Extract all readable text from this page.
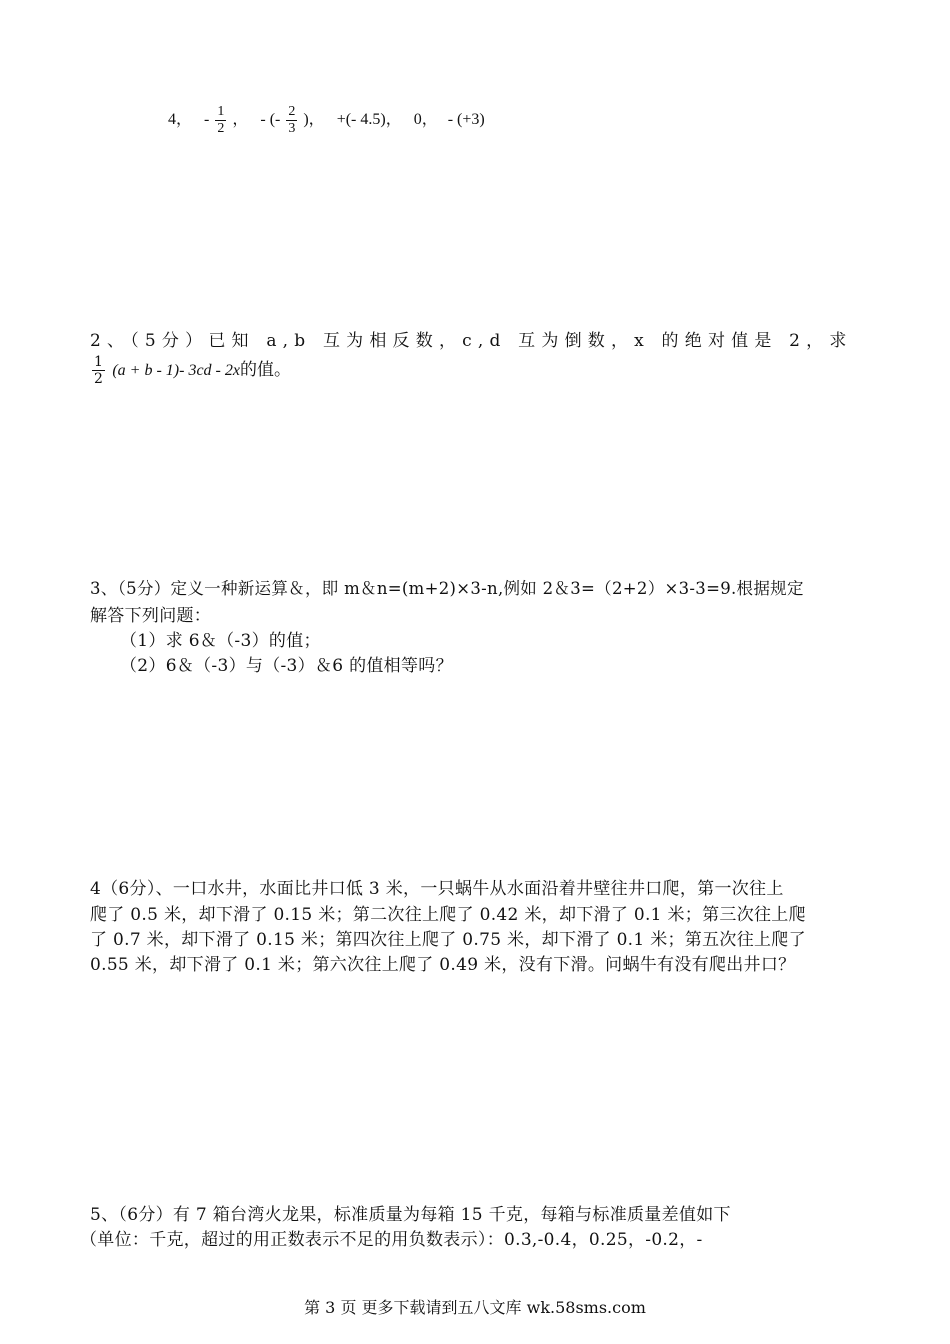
4， - $\frac{1}{2}$ ， - (- $\frac{2}{3}$ )， +(- 4.5)， 0， - (+3)
2、（5分）已知 a,b 互为相反数，c,d 互为倒数，x 的绝对值是 2，求
$\frac{1}{2} (a + b - 1)-$ 3cd - 2x的值。
3、（5分）定义一种新运算＆，即 m＆n=(m+2)×3-n,例如 2＆3=（2+2）×3-3=9.根据规定
解答下列问题：
（1）求 6＆（-3）的值；
（2）6＆（-3）与（-3）＆6 的值相等吗？
4（6分）、一口水井，水面比井口低 3 米，一只蜗牛从水面沿着井壁往井口爬，第一次往上
爬了 0.5 米，却下滑了 0.15 米；第二次往上爬了 0.42 米，却下滑了 0.1 米；第三次往上爬
了 0.7 米，却下滑了 0.15 米；第四次往上爬了 0.75 米，却下滑了 0.1 米；第五次往上爬了
0.55 米，却下滑了 0.1 米；第六次往上爬了 0.49 米，没有下滑。问蜗牛有没有爬出井口？
5、（6分）有 7 箱台湾火龙果，标准质量为每箱 15 千克，每箱与标准质量差值如下
（单位：千克，超过的用正数表示不足的用负数表示）：0.3,-0.4，0.25，-0.2，-
第 3 页 更多下载请到五八文库 wk.58sms.com
